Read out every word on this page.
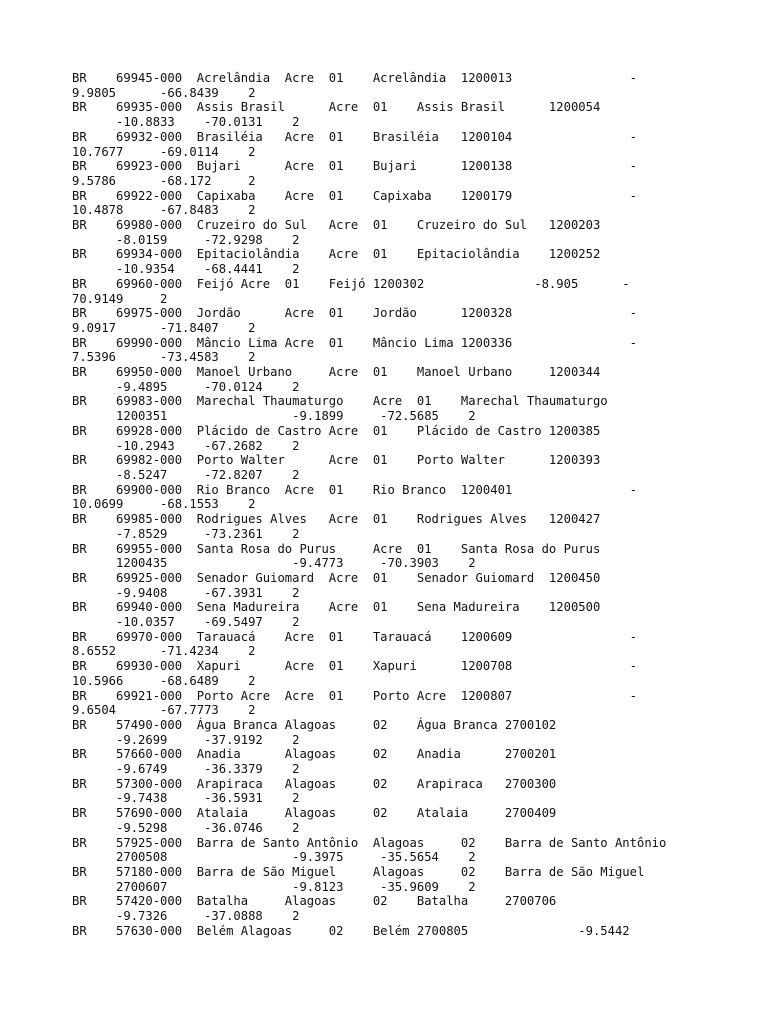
BR    69945-000  Acrelândia  Acre  01    Acrelândia  1200013                -

9.9805      -66.8439    2

BR    69935-000  Assis Brasil      Acre  01    Assis Brasil      1200054

-10.8833    -70.0131    2

BR    69932-000  Brasiléia   Acre  01    Brasiléia   1200104                -

10.7677     -69.0114    2

BR    69923-000  Bujari      Acre  01    Bujari      1200138                -

9.5786      -68.172     2

BR    69922-000  Capixaba    Acre  01    Capixaba    1200179                -

10.4878     -67.8483    2

BR    69980-000  Cruzeiro do Sul   Acre  01    Cruzeiro do Sul   1200203

-8.0159     -72.9298    2

BR    69934-000  Epitaciolândia    Acre  01    Epitaciolândia    1200252

-10.9354    -68.4441    2

BR    69960-000  Feijó Acre  01    Feijó 1200302               -8.905      -

70.9149     2

BR    69975-000  Jordão      Acre  01    Jordão      1200328                -

9.0917      -71.8407    2

BR    69990-000  Mâncio Lima Acre  01    Mâncio Lima 1200336                -

7.5396      -73.4583    2

BR    69950-000  Manoel Urbano     Acre  01    Manoel Urbano     1200344

-9.4895     -70.0124    2

BR    69983-000  Marechal Thaumaturgo    Acre  01    Marechal Thaumaturgo

1200351                 -9.1899     -72.5685    2

BR    69928-000  Plácido de Castro Acre  01    Plácido de Castro 1200385

-10.2943    -67.2682    2

BR    69982-000  Porto Walter      Acre  01    Porto Walter      1200393

-8.5247     -72.8207    2

BR    69900-000  Rio Branco  Acre  01    Rio Branco  1200401                -

10.0699     -68.1553    2

BR    69985-000  Rodrigues Alves   Acre  01    Rodrigues Alves   1200427

-7.8529     -73.2361    2

BR    69955-000  Santa Rosa do Purus     Acre  01    Santa Rosa do Purus

1200435                 -9.4773     -70.3903    2

BR    69925-000  Senador Guiomard  Acre  01    Senador Guiomard  1200450

-9.9408     -67.3931    2

BR    69940-000  Sena Madureira    Acre  01    Sena Madureira    1200500

-10.0357    -69.5497    2

BR    69970-000  Tarauacá    Acre  01    Tarauacá    1200609                -

8.6552      -71.4234    2

BR    69930-000  Xapuri      Acre  01    Xapuri      1200708                -

10.5966     -68.6489    2

BR    69921-000  Porto Acre  Acre  01    Porto Acre  1200807                -

9.6504      -67.7773    2

BR    57490-000  Água Branca Alagoas     02    Água Branca 2700102

-9.2699     -37.9192    2

BR    57660-000  Anadia      Alagoas     02    Anadia      2700201

-9.6749     -36.3379    2

BR    57300-000  Arapiraca   Alagoas     02    Arapiraca   2700300

-9.7438     -36.5931    2

BR    57690-000  Atalaia     Alagoas     02    Atalaia     2700409

-9.5298     -36.0746    2

BR    57925-000  Barra de Santo Antônio  Alagoas     02    Barra de Santo Antônio

2700508                 -9.3975     -35.5654    2

BR    57180-000  Barra de São Miguel     Alagoas     02    Barra de São Miguel

2700607                 -9.8123     -35.9609    2

BR    57420-000  Batalha     Alagoas     02    Batalha     2700706

-9.7326     -37.0888    2

BR    57630-000  Belém Alagoas     02    Belém 2700805               -9.5442
